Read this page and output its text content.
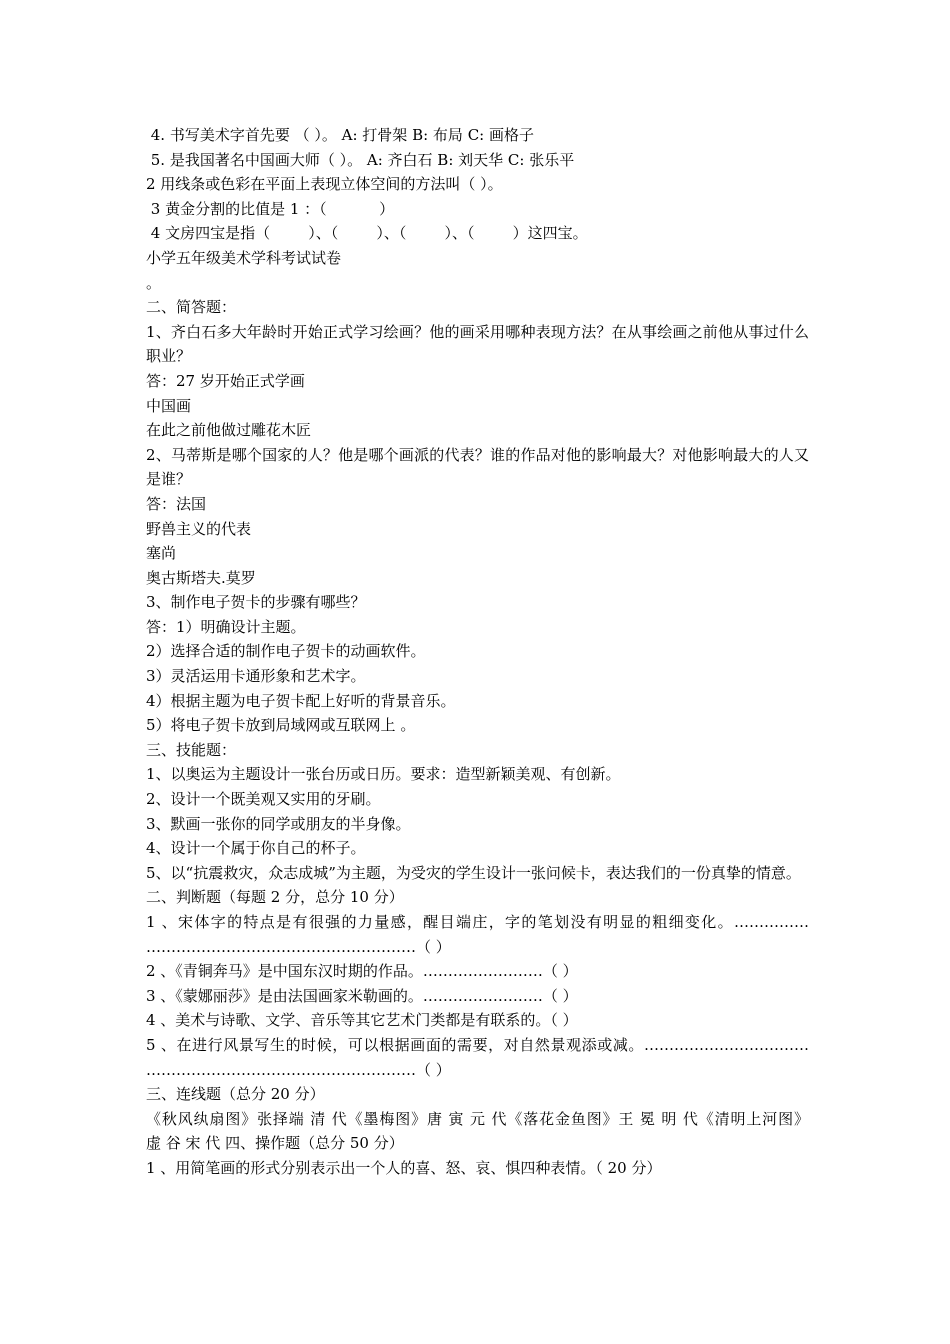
4. 书写美术字首先要 （ ）。 A: 打骨架 B: 布局 C: 画格子
5. 是我国著名中国画大师（ ）。 A: 齐白石 B: 刘天华 C: 张乐平
2 用线条或色彩在平面上表现立体空间的方法叫（ ）。
3 黄金分割的比值是 1 ：（           ）
4 文房四宝是指（        ）、（        ）、（        ）、（        ）这四宝。
小学五年级美术学科考试试卷
。
二、简答题：
1、齐白石多大年龄时开始正式学习绘画？他的画采用哪种表现方法？在从事绘画之前他从事过什么职业？
答：27 岁开始正式学画
中国画
在此之前他做过雕花木匠
2、马蒂斯是哪个国家的人？他是哪个画派的代表？谁的作品对他的影响最大？对他影响最大的人又是谁？
答：法国
野兽主义的代表
塞尚
奥古斯塔夫.莫罗
3、制作电子贺卡的步骤有哪些？
答：1）明确设计主题。
2）选择合适的制作电子贺卡的动画软件。
3）灵活运用卡通形象和艺术字。
4）根据主题为电子贺卡配上好听的背景音乐。
5）将电子贺卡放到局域网或互联网上 。
三、技能题：
1、以奥运为主题设计一张台历或日历。要求：造型新颖美观、有创新。
2、设计一个既美观又实用的牙刷。
3、默画一张你的同学或朋友的半身像。
4、设计一个属于你自己的杯子。
5、以“抗震救灾，众志成城”为主题，为受灾的学生设计一张问候卡，表达我们的一份真挚的情意。
二、判断题（每题 2 分，总分 10 分）
1 、宋体字的特点是有很强的力量感，醒目端庄，字的笔划没有明显的粗细变化。……………
………………………………………………（ ）
2 、《青铜奔马》是中国东汉时期的作品。……………………（ ）
3 、《蒙娜丽莎》是由法国画家米勒画的。……………………（ ）
4 、美术与诗歌、文学、音乐等其它艺术门类都是有联系的。（ ）
5 、在进行风景写生的时候，可以根据画面的需要，对自然景观添或减。……………………………
………………………………………………（ ）
三、连线题（总分 20 分）
《秋风纨扇图》张择端 清 代《墨梅图》唐 寅 元 代《落花金鱼图》王 冕 明 代《清明上河图》
虚 谷 宋 代 四、操作题（总分 50 分）
1 、用简笔画的形式分别表示出一个人的喜、怒、哀、惧四种表情。（ 20 分）
